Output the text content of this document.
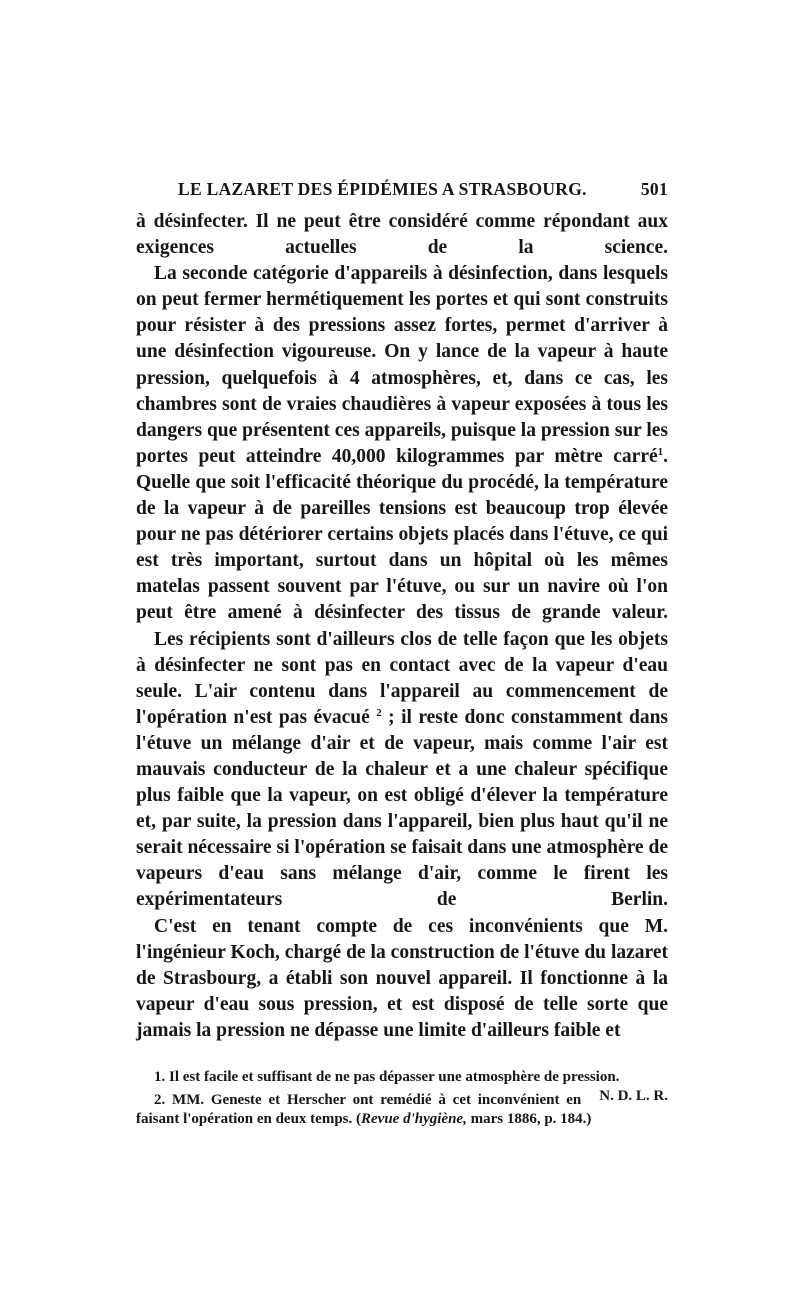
LE LAZARET DES ÉPIDÉMIES A STRASBOURG.	501

à désinfecter. Il ne peut être considéré comme répondant aux exigences actuelles de la science.

La seconde catégorie d'appareils à désinfection, dans lesquels on peut fermer hermétiquement les portes et qui sont construits pour résister à des pressions assez fortes, permet d'arriver à une désinfection vigoureuse. On y lance de la vapeur à haute pression, quelquefois à 4 atmosphères, et, dans ce cas, les chambres sont de vraies chaudières à vapeur exposées à tous les dangers que présentent ces appareils, puisque la pression sur les portes peut atteindre 40,000 kilogrammes par mètre carré$^1$. Quelle que soit l'efficacité théorique du procédé, la température de la vapeur à de pareilles tensions est beaucoup trop élevée pour ne pas détériorer certains objets placés dans l'étuve, ce qui est très important, surtout dans un hôpital où les mêmes matelas passent souvent par l'étuve, ou sur un navire où l'on peut être amené à désinfecter des tissus de grande valeur.

Les récipients sont d'ailleurs clos de telle façon que les objets à désinfecter ne sont pas en contact avec de la vapeur d'eau seule. L'air contenu dans l'appareil au commencement de l'opération n'est pas évacué $^2$ ; il reste donc constamment dans l'étuve un mélange d'air et de vapeur, mais comme l'air est mauvais conducteur de la chaleur et a une chaleur spécifique plus faible que la vapeur, on est obligé d'élever la température et, par suite, la pression dans l'appareil, bien plus haut qu'il ne serait nécessaire si l'opération se faisait dans une atmosphère de vapeurs d'eau sans mélange d'air, comme le firent les expérimentateurs de Berlin.

C'est en tenant compte de ces inconvénients que M. l'ingénieur Koch, chargé de la construction de l'étuve du lazaret de Strasbourg, a établi son nouvel appareil. Il fonctionne à la vapeur d'eau sous pression, et est disposé de telle sorte que jamais la pression ne dépasse une limite d'ailleurs faible et

1. Il est facile et suffisant de ne pas dépasser une atmosphère de pression.
N. D. L. R.

2. MM. Geneste et Herscher ont remédié à cet inconvénient en faisant l'opération en deux temps. (Revue d'hygiène, mars 1886, p. 184.)
